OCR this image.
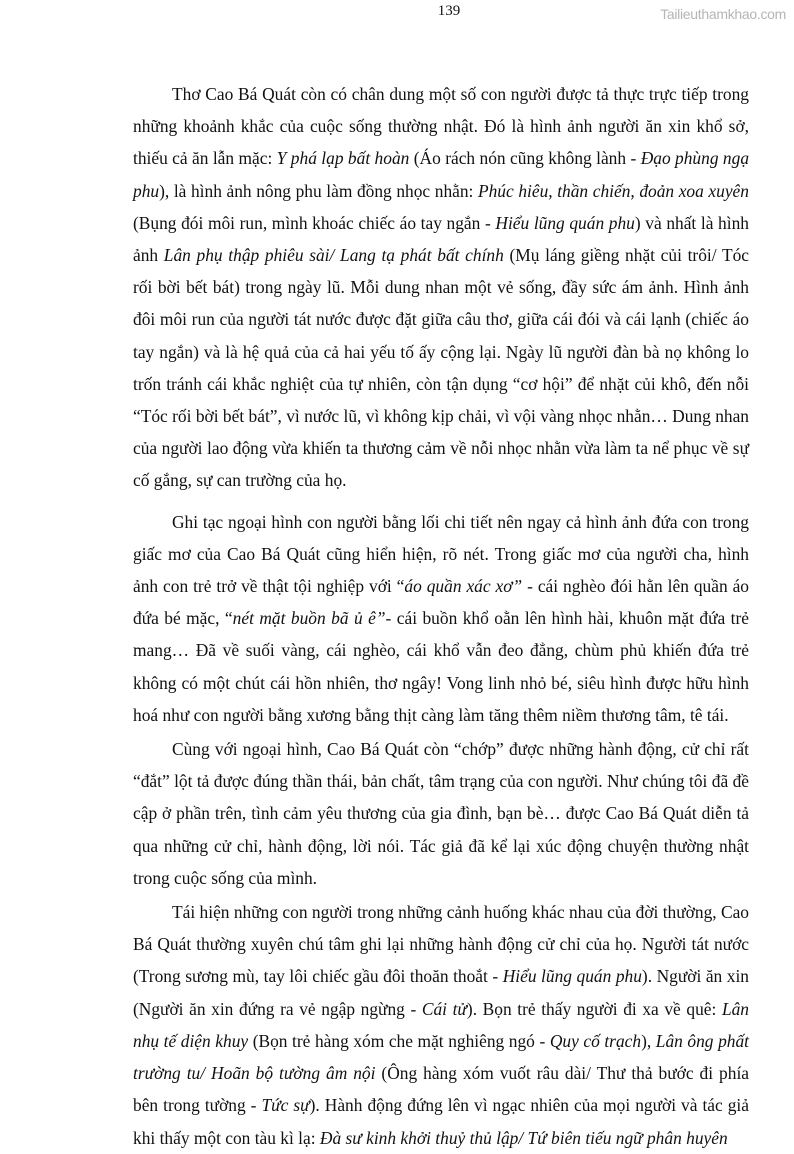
139	Tailieuthamkhao.com

Thơ Cao Bá Quát còn có chân dung một số con người được tả thực trực tiếp trong những khoảnh khắc của cuộc sống thường nhật. Đó là hình ảnh người ăn xin khổ sở, thiếu cả ăn lẫn mặc: Y phá lạp bất hoàn (Áo rách nón cũng không lành - Đạo phùng ngạ phu), là hình ảnh nông phu làm đồng nhọc nhằn: Phúc hiêu, thần chiến, đoản xoa xuyên (Bụng đói môi run, mình khoác chiếc áo tay ngắn - Hiểu lũng quán phu) và nhất là hình ảnh Lân phụ thập phiêu sài/ Lang tạ phát bất chính (Mụ láng giềng nhặt củi trôi/ Tóc rối bời bết bát) trong ngày lũ. Mỗi dung nhan một vẻ sống, đầy sức ám ảnh. Hình ảnh đôi môi run của người tát nước được đặt giữa câu thơ, giữa cái đói và cái lạnh (chiếc áo tay ngắn) và là hệ quả của cả hai yếu tố ấy cộng lại. Ngày lũ người đàn bà nọ không lo trốn tránh cái khắc nghiệt của tự nhiên, còn tận dụng “cơ hội” để nhặt củi khô, đến nỗi “Tóc rối bời bết bát”, vì nước lũ, vì không kịp chải, vì vội vàng nhọc nhằn… Dung nhan của người lao động vừa khiến ta thương cảm về nỗi nhọc nhằn vừa làm ta nể phục về sự cố gắng, sự can trường của họ.

Ghi tạc ngoại hình con người bằng lối chi tiết nên ngay cả hình ảnh đứa con trong giấc mơ của Cao Bá Quát cũng hiển hiện, rõ nét. Trong giấc mơ của người cha, hình ảnh con trẻ trở về thật tội nghiệp với “áo quần xác xơ” - cái nghèo đói hằn lên quần áo đứa bé mặc, “nét mặt buồn bã ủ ê”- cái buồn khổ oằn lên hình hài, khuôn mặt đứa trẻ mang… Đã về suối vàng, cái nghèo, cái khổ vẫn đeo đẳng, chùm phủ khiến đứa trẻ không có một chút cái hồn nhiên, thơ ngây! Vong linh nhỏ bé, siêu hình được hữu hình hoá như con người bằng xương bằng thịt càng làm tăng thêm niềm thương tâm, tê tái.

Cùng với ngoại hình, Cao Bá Quát còn “chớp” được những hành động, cử chỉ rất “đắt” lột tả được đúng thần thái, bản chất, tâm trạng của con người. Như chúng tôi đã đề cập ở phần trên, tình cảm yêu thương của gia đình, bạn bè… được Cao Bá Quát diễn tả qua những cử chỉ, hành động, lời nói. Tác giả đã kể lại xúc động chuyện thường nhật trong cuộc sống của mình.

Tái hiện những con người trong những cảnh huống khác nhau của đời thường, Cao Bá Quát thường xuyên chú tâm ghi lại những hành động cử chỉ của họ. Người tát nước (Trong sương mù, tay lôi chiếc gầu đôi thoăn thoắt - Hiểu lũng quán phu). Người ăn xin (Người ăn xin đứng ra vẻ ngập ngừng - Cái tử). Bọn trẻ thấy người đi xa về quê: Lân nhụ tế diện khuy (Bọn trẻ hàng xóm che mặt nghiêng ngó - Quy cố trạch), Lân ông phất trường tu/ Hoãn bộ tường âm nội (Ông hàng xóm vuốt râu dài/ Thư thả bước đi phía bên trong tường - Tức sự). Hành động đứng lên vì ngạc nhiên của mọi người và tác giả khi thấy một con tàu kì lạ: Đà sư kinh khởi thuỷ thủ lập/ Tứ biên tiếu ngữ phân huyên
